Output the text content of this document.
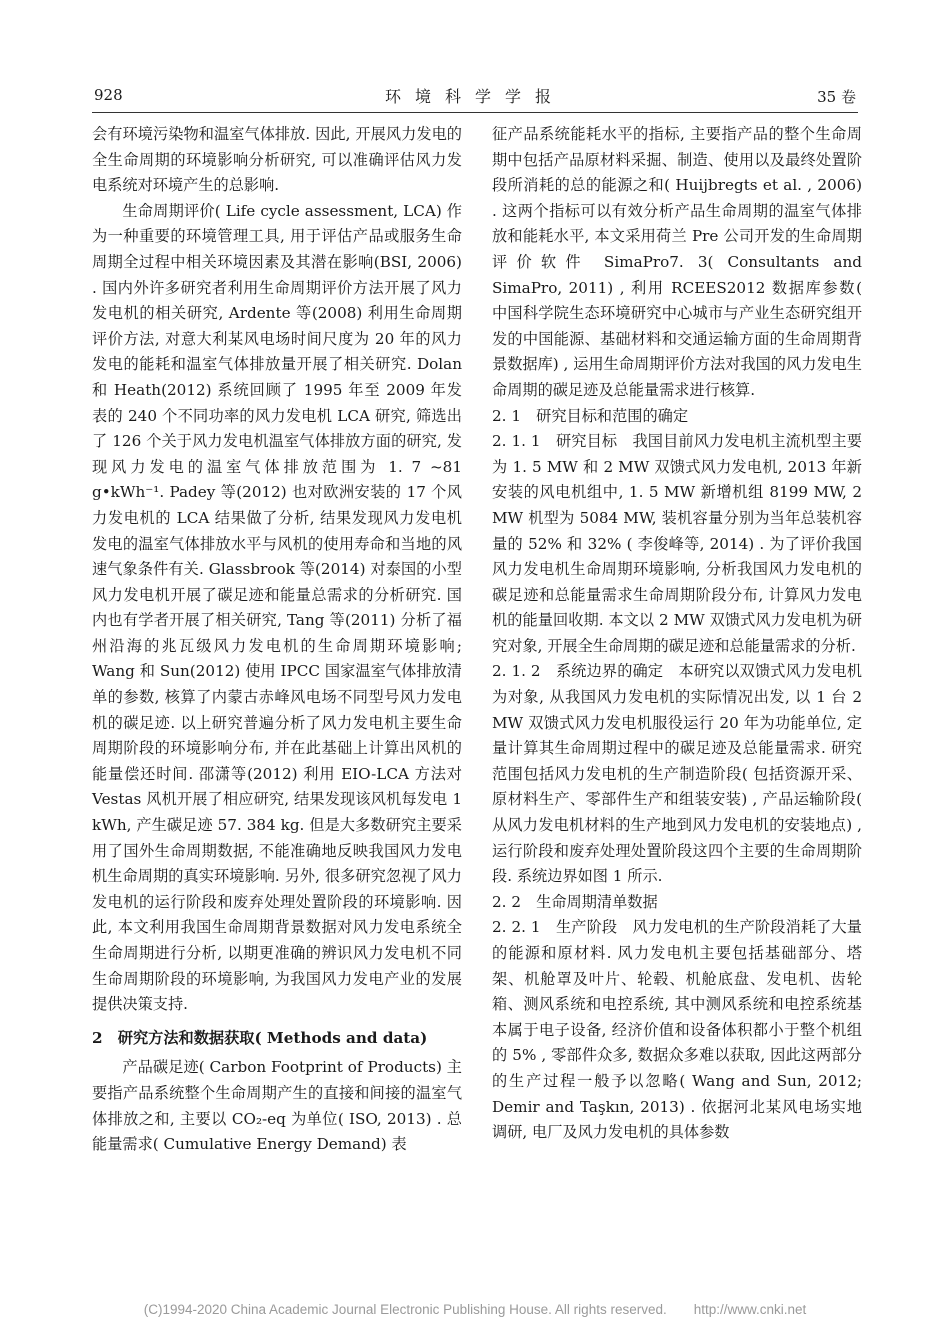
928	环境科学学报	35 卷

会有环境污染物和温室气体排放. 因此, 开展风力发电的全生命周期的环境影响分析研究, 可以准确评估风力发电系统对环境产生的总影响.

生命周期评价( Life cycle assessment, LCA) 作为一种重要的环境管理工具, 用于评估产品或服务生命周期全过程中相关环境因素及其潜在影响(BSI, 2006) . 国内外许多研究者利用生命周期评价方法开展了风力发电机的相关研究, Ardente 等(2008) 利用生命周期评价方法, 对意大利某风电场时间尺度为 20 年的风力发电的能耗和温室气体排放量开展了相关研究. Dolan 和 Heath(2012) 系统回顾了 1995 年至 2009 年发表的 240 个不同功率的风力发电机 LCA 研究, 筛选出了 126 个关于风力发电机温室气体排放方面的研究, 发现风力发电的温室气体排放范围为 1. 7 ~81 g•kWh⁻¹. Padey 等(2012) 也对欧洲安装的 17 个风力发电机的 LCA 结果做了分析, 结果发现风力发电机发电的温室气体排放水平与风机的使用寿命和当地的风速气象条件有关. Glassbrook 等(2014) 对泰国的小型风力发电机开展了碳足迹和能量总需求的分析研究. 国内也有学者开展了相关研究, Tang 等(2011) 分析了福州沿海的兆瓦级风力发电机的生命周期环境影响; Wang 和 Sun(2012) 使用 IPCC 国家温室气体排放清单的参数, 核算了内蒙古赤峰风电场不同型号风力发电机的碳足迹. 以上研究普遍分析了风力发电机主要生命周期阶段的环境影响分布, 并在此基础上计算出风机的能量偿还时间. 邵潇等(2012) 利用 EIO-LCA 方法对 Vestas 风机开展了相应研究, 结果发现该风机每发电 1 kWh, 产生碳足迹 57. 384 kg. 但是大多数研究主要采用了国外生命周期数据, 不能准确地反映我国风力发电机生命周期的真实环境影响. 另外, 很多研究忽视了风力发电机的运行阶段和废弃处理处置阶段的环境影响. 因此, 本文利用我国生命周期背景数据对风力发电系统全生命周期进行分析, 以期更准确的辨识风力发电机不同生命周期阶段的环境影响, 为我国风力发电产业的发展提供决策支持.

2　研究方法和数据获取( Methods and data)

产品碳足迹( Carbon Footprint of Products) 主要指产品系统整个生命周期产生的直接和间接的温室气体排放之和, 主要以 CO₂-eq 为单位( ISO, 2013) . 总能量需求( Cumulative Energy Demand) 表

征产品系统能耗水平的指标, 主要指产品的整个生命周期中包括产品原材料采掘、制造、使用以及最终处置阶段所消耗的总的能源之和( Huijbregts et al. , 2006) . 这两个指标可以有效分析产品生命周期的温室气体排放和能耗水平, 本文采用荷兰 Pre 公司开发的生命周期评价软件 SimaPro7. 3( Consultants and SimaPro, 2011) , 利用 RCEES2012 数据库参数( 中国科学院生态环境研究中心城市与产业生态研究组开发的中国能源、基础材料和交通运输方面的生命周期背景数据库) , 运用生命周期评价方法对我国的风力发电生命周期的碳足迹及总能量需求进行核算.

2. 1　研究目标和范围的确定

2. 1. 1　研究目标　我国目前风力发电机主流机型主要为 1. 5 MW 和 2 MW 双馈式风力发电机, 2013 年新安装的风电机组中, 1. 5 MW 新增机组 8199 MW, 2 MW 机型为 5084 MW, 装机容量分别为当年总装机容量的 52% 和 32% ( 李俊峰等, 2014) . 为了评价我国风力发电机生命周期环境影响, 分析我国风力发电机的碳足迹和总能量需求生命周期阶段分布, 计算风力发电机的能量回收期. 本文以 2 MW 双馈式风力发电机为研究对象, 开展全生命周期的碳足迹和总能量需求的分析.

2. 1. 2　系统边界的确定　本研究以双馈式风力发电机为对象, 从我国风力发电机的实际情况出发, 以 1 台 2 MW 双馈式风力发电机服役运行 20 年为功能单位, 定量计算其生命周期过程中的碳足迹及总能量需求. 研究范围包括风力发电机的生产制造阶段( 包括资源开采、原材料生产、零部件生产和组装安装) , 产品运输阶段( 从风力发电机材料的生产地到风力发电机的安装地点) , 运行阶段和废弃处理处置阶段这四个主要的生命周期阶段. 系统边界如图 1 所示.

2. 2　生命周期清单数据

2. 2. 1　生产阶段　风力发电机的生产阶段消耗了大量的能源和原材料. 风力发电机主要包括基础部分、塔架、机舱罩及叶片、轮毂、机舱底盘、发电机、齿轮箱、测风系统和电控系统, 其中测风系统和电控系统基本属于电子设备, 经济价值和设备体积都小于整个机组的 5% , 零部件众多, 数据众多难以获取, 因此这两部分的生产过程一般予以忽略( Wang and Sun, 2012; Demir and Taşkın, 2013) . 依据河北某风电场实地调研, 电厂及风力发电机的具体参数

(C)1994-2020 China Academic Journal Electronic Publishing House. All rights reserved.　　http://www.cnki.net
